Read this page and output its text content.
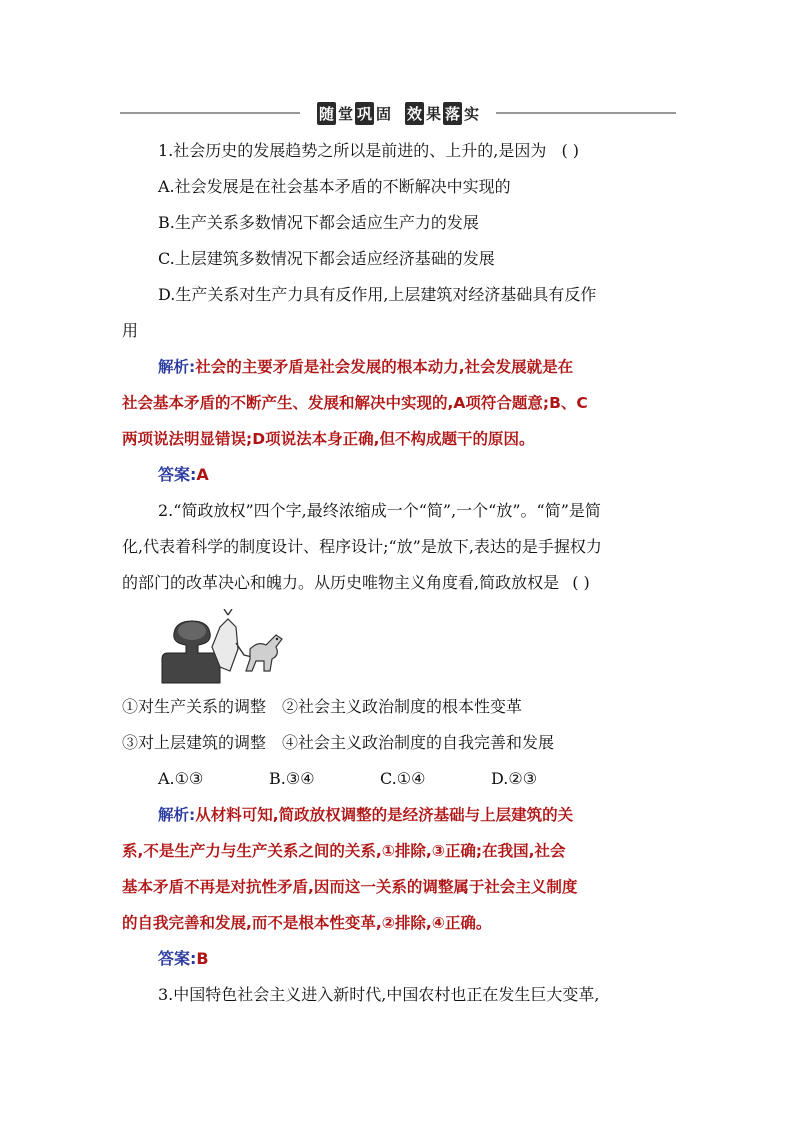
随 堂 巩 固 效 果 落 实
1.社会历史的发展趋势之所以是前进的、上升的,是因为 ( )
A.社会发展是在社会基本矛盾的不断解决中实现的
B.生产关系多数情况下都会适应生产力的发展
C.上层建筑多数情况下都会适应经济基础的发展
D.生产关系对生产力具有反作用,上层建筑对经济基础具有反作
用
解析:社会的主要矛盾是社会发展的根本动力,社会发展就是在
社会基本矛盾的不断产生、发展和解决中实现的,A项符合题意;B、C
两项说法明显错误;D项说法本身正确,但不构成题干的原因。
答案:A
2.“简政放权”四个字,最终浓缩成一个“简”,一个“放”。“简”是简
化,代表着科学的制度设计、程序设计;“放”是放下,表达的是手握权力
的部门的改革决心和魄力。从历史唯物主义角度看,简政放权是 ( )
①对生产关系的调整　②社会主义政治制度的根本性变革
③对上层建筑的调整　④社会主义政治制度的自我完善和发展
A.①③	B.③④	C.①④	D.②③
解析:从材料可知,简政放权调整的是经济基础与上层建筑的关
系,不是生产力与生产关系之间的关系,①排除,③正确;在我国,社会
基本矛盾不再是对抗性矛盾,因而这一关系的调整属于社会主义制度
的自我完善和发展,而不是根本性变革,②排除,④正确。
答案:B
3.中国特色社会主义进入新时代,中国农村也正在发生巨大变革,
